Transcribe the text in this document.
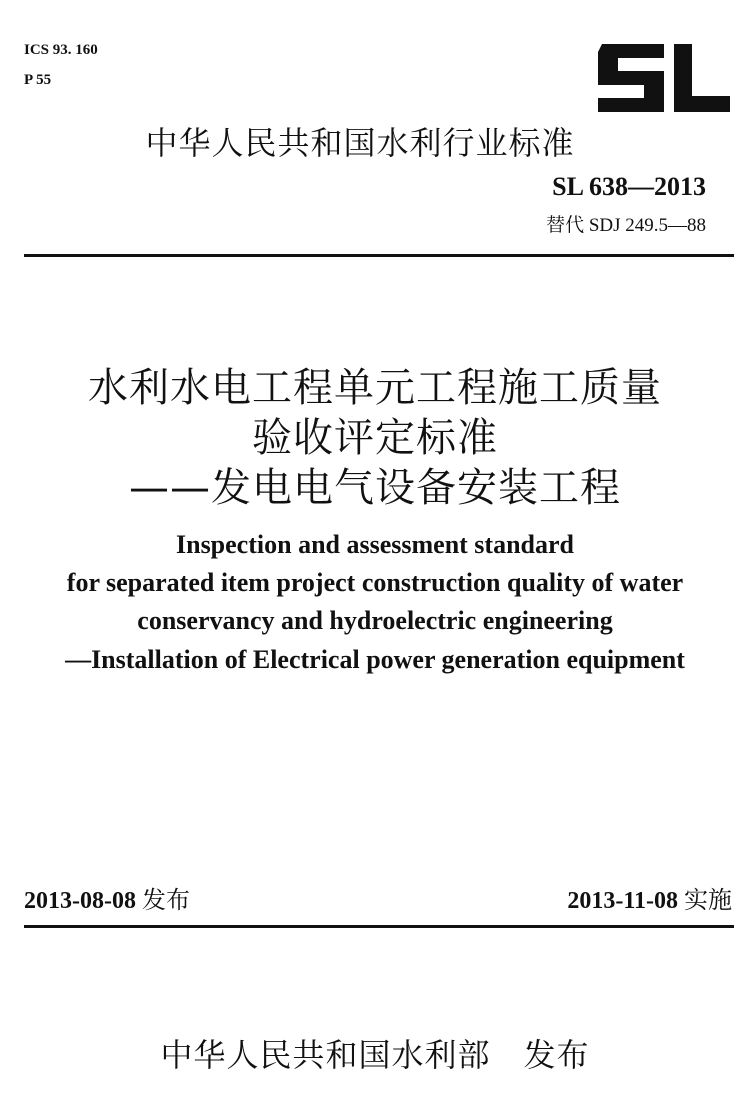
ICS 93. 160
P 55
中华人民共和国水利行业标准
SL 638—2013
替代 SDJ 249.5—88
水利水电工程单元工程施工质量
验收评定标准
——发电电气设备安装工程
Inspection and assessment standard
for separated item project construction quality of water
conservancy and hydroelectric engineering
—Installation of Electrical power generation equipment
2013-08-08 发布	2013-11-08 实施
中华人民共和国水利部　发布
